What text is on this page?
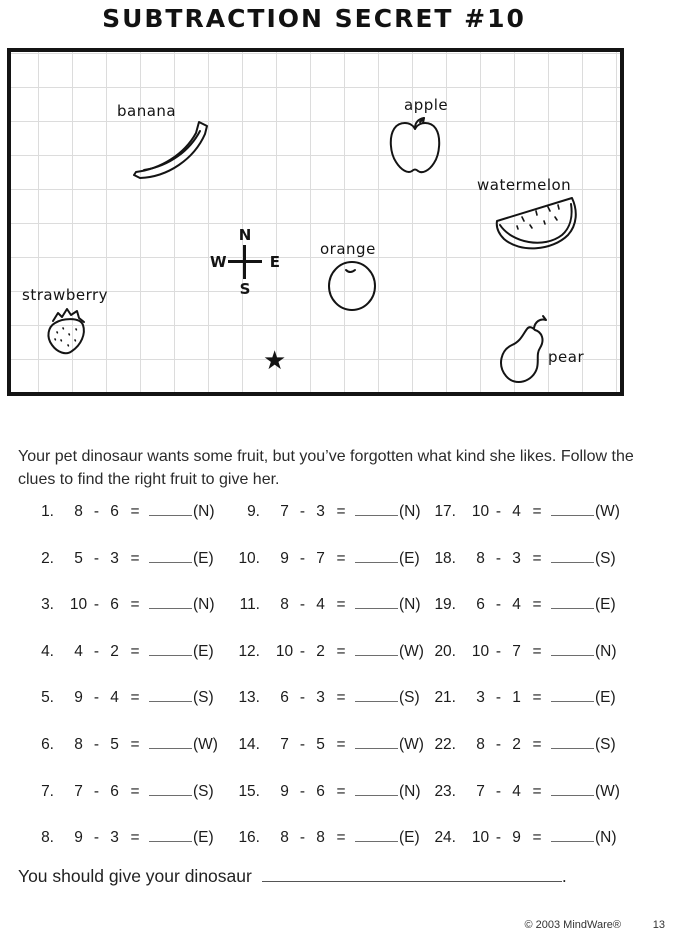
SUBTRACTION SECRET #10
banana	apple
watermelon
orange
strawberry
pear
N
E
S
W
★

Your pet dinosaur wants some fruit, but you’ve forgotten what kind she likes. Follow the clues to find the right fruit to give her.

1.	8 - 6 =	(N)
2.	5 - 3 =	(E)
3. 10 - 6 =	(N)
4.	4 - 2 =	(E)
5.	9 - 4 =	(S)
6.	8 - 5 =	(W)
7.	7 - 6 =	(S)
8.	9 - 3 =	(E)
9.	7 - 3 =	(N)
10.	9 - 7 =	(E)
11.	8 - 4 =	(N)
12. 10 - 2 =	(W)
13.	6 - 3 =	(S)
14.	7 - 5 =	(W)
15.	9 - 6 =	(N)
16.	8 - 8 =	(E)
17. 10 - 4 =	(W)
18.	8 - 3 =	(S)
19.	6 - 4 =	(E)
20. 10 - 7 =	(N)
21.	3 - 1 =	(E)
22.	8 - 2 =	(S)
23.	7 - 4 =	(W)
24. 10 - 9 =	(N)
You should give your dinosaur	.
© 2003 MindWare®	13
